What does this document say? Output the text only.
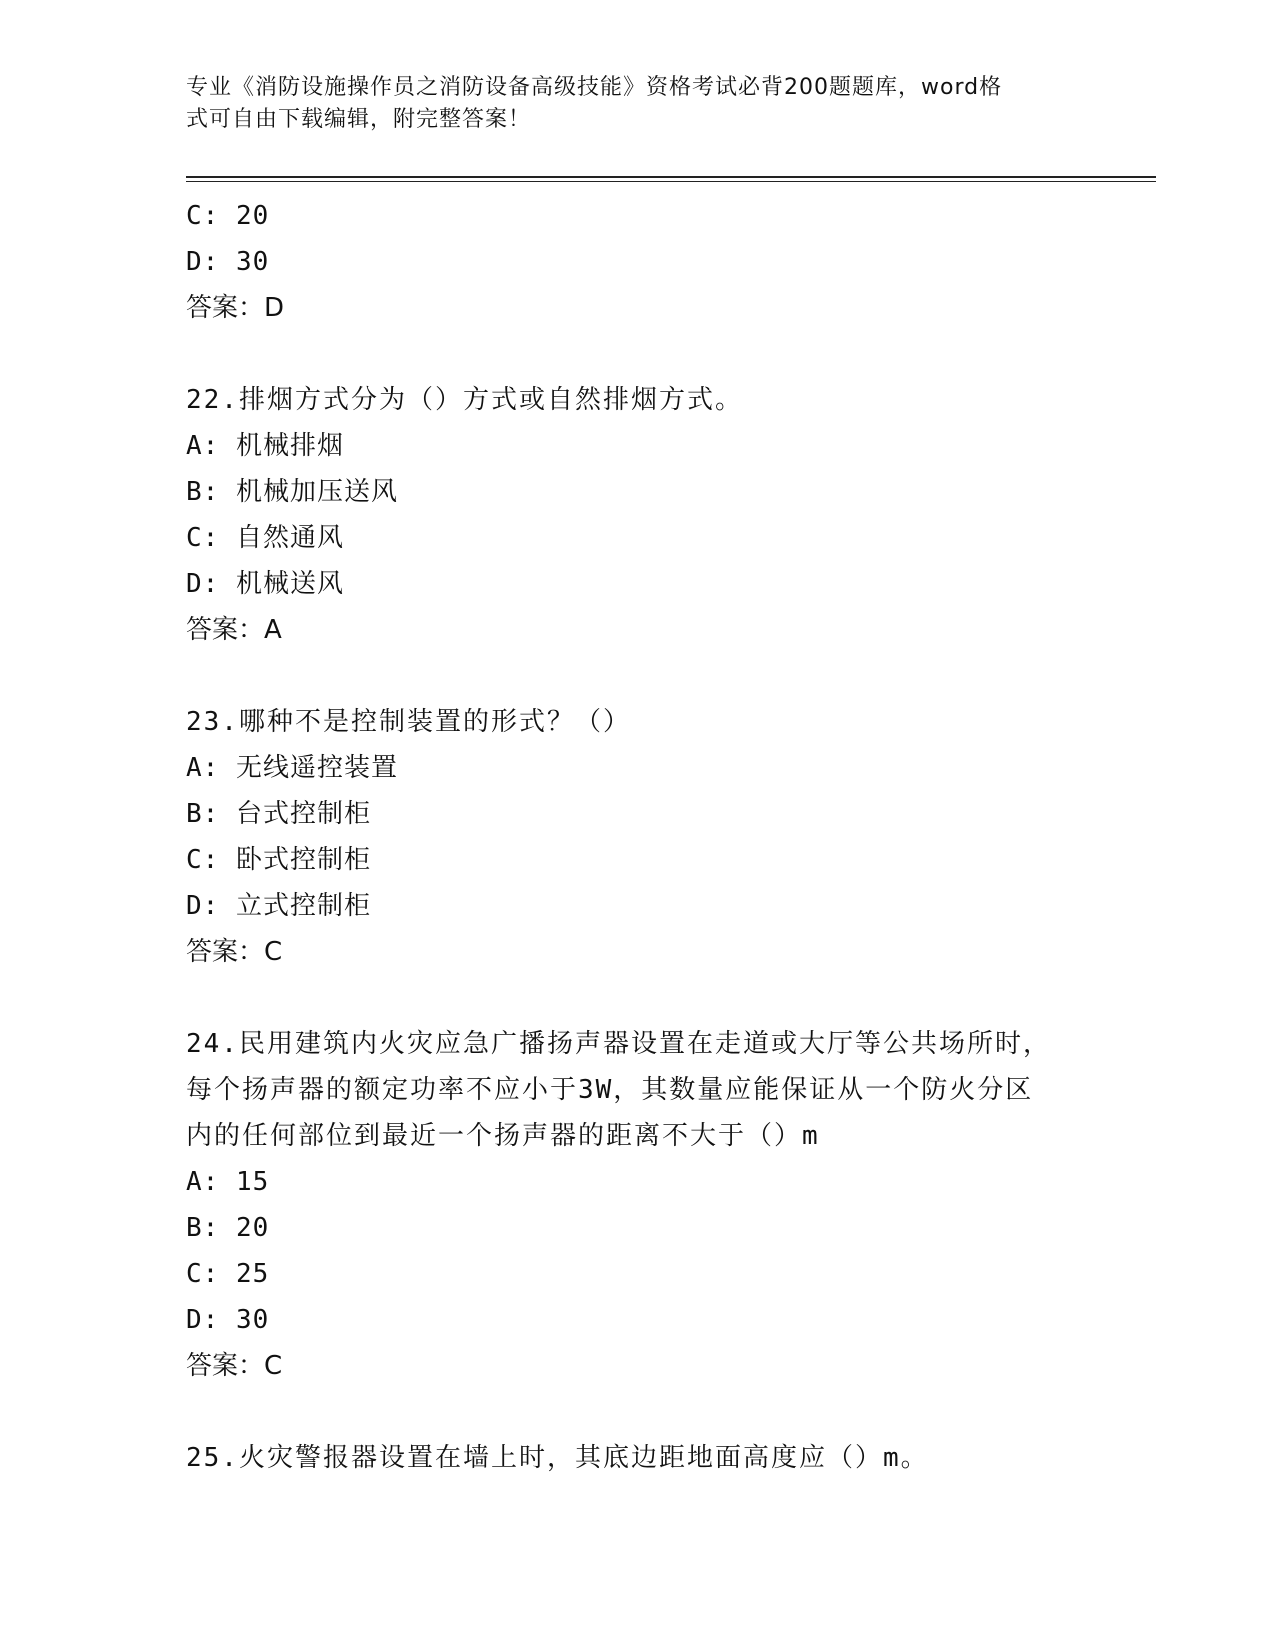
专业《消防设施操作员之消防设备高级技能》资格考试必背200题题库，word格
式可自由下载编辑，附完整答案！
C: 20
D: 30
答案：D
22.排烟方式分为（）方式或自然排烟方式。
A: 机械排烟
B: 机械加压送风
C: 自然通风
D: 机械送风
答案：A
23.哪种不是控制装置的形式？（）
A: 无线遥控装置
B: 台式控制柜
C: 卧式控制柜
D: 立式控制柜
答案：C
24.民用建筑内火灾应急广播扬声器设置在走道或大厅等公共场所时，
每个扬声器的额定功率不应小于3W，其数量应能保证从一个防火分区
内的任何部位到最近一个扬声器的距离不大于（）m
A: 15
B: 20
C: 25
D: 30
答案：C
25.火灾警报器设置在墙上时，其底边距地面高度应（）m。
